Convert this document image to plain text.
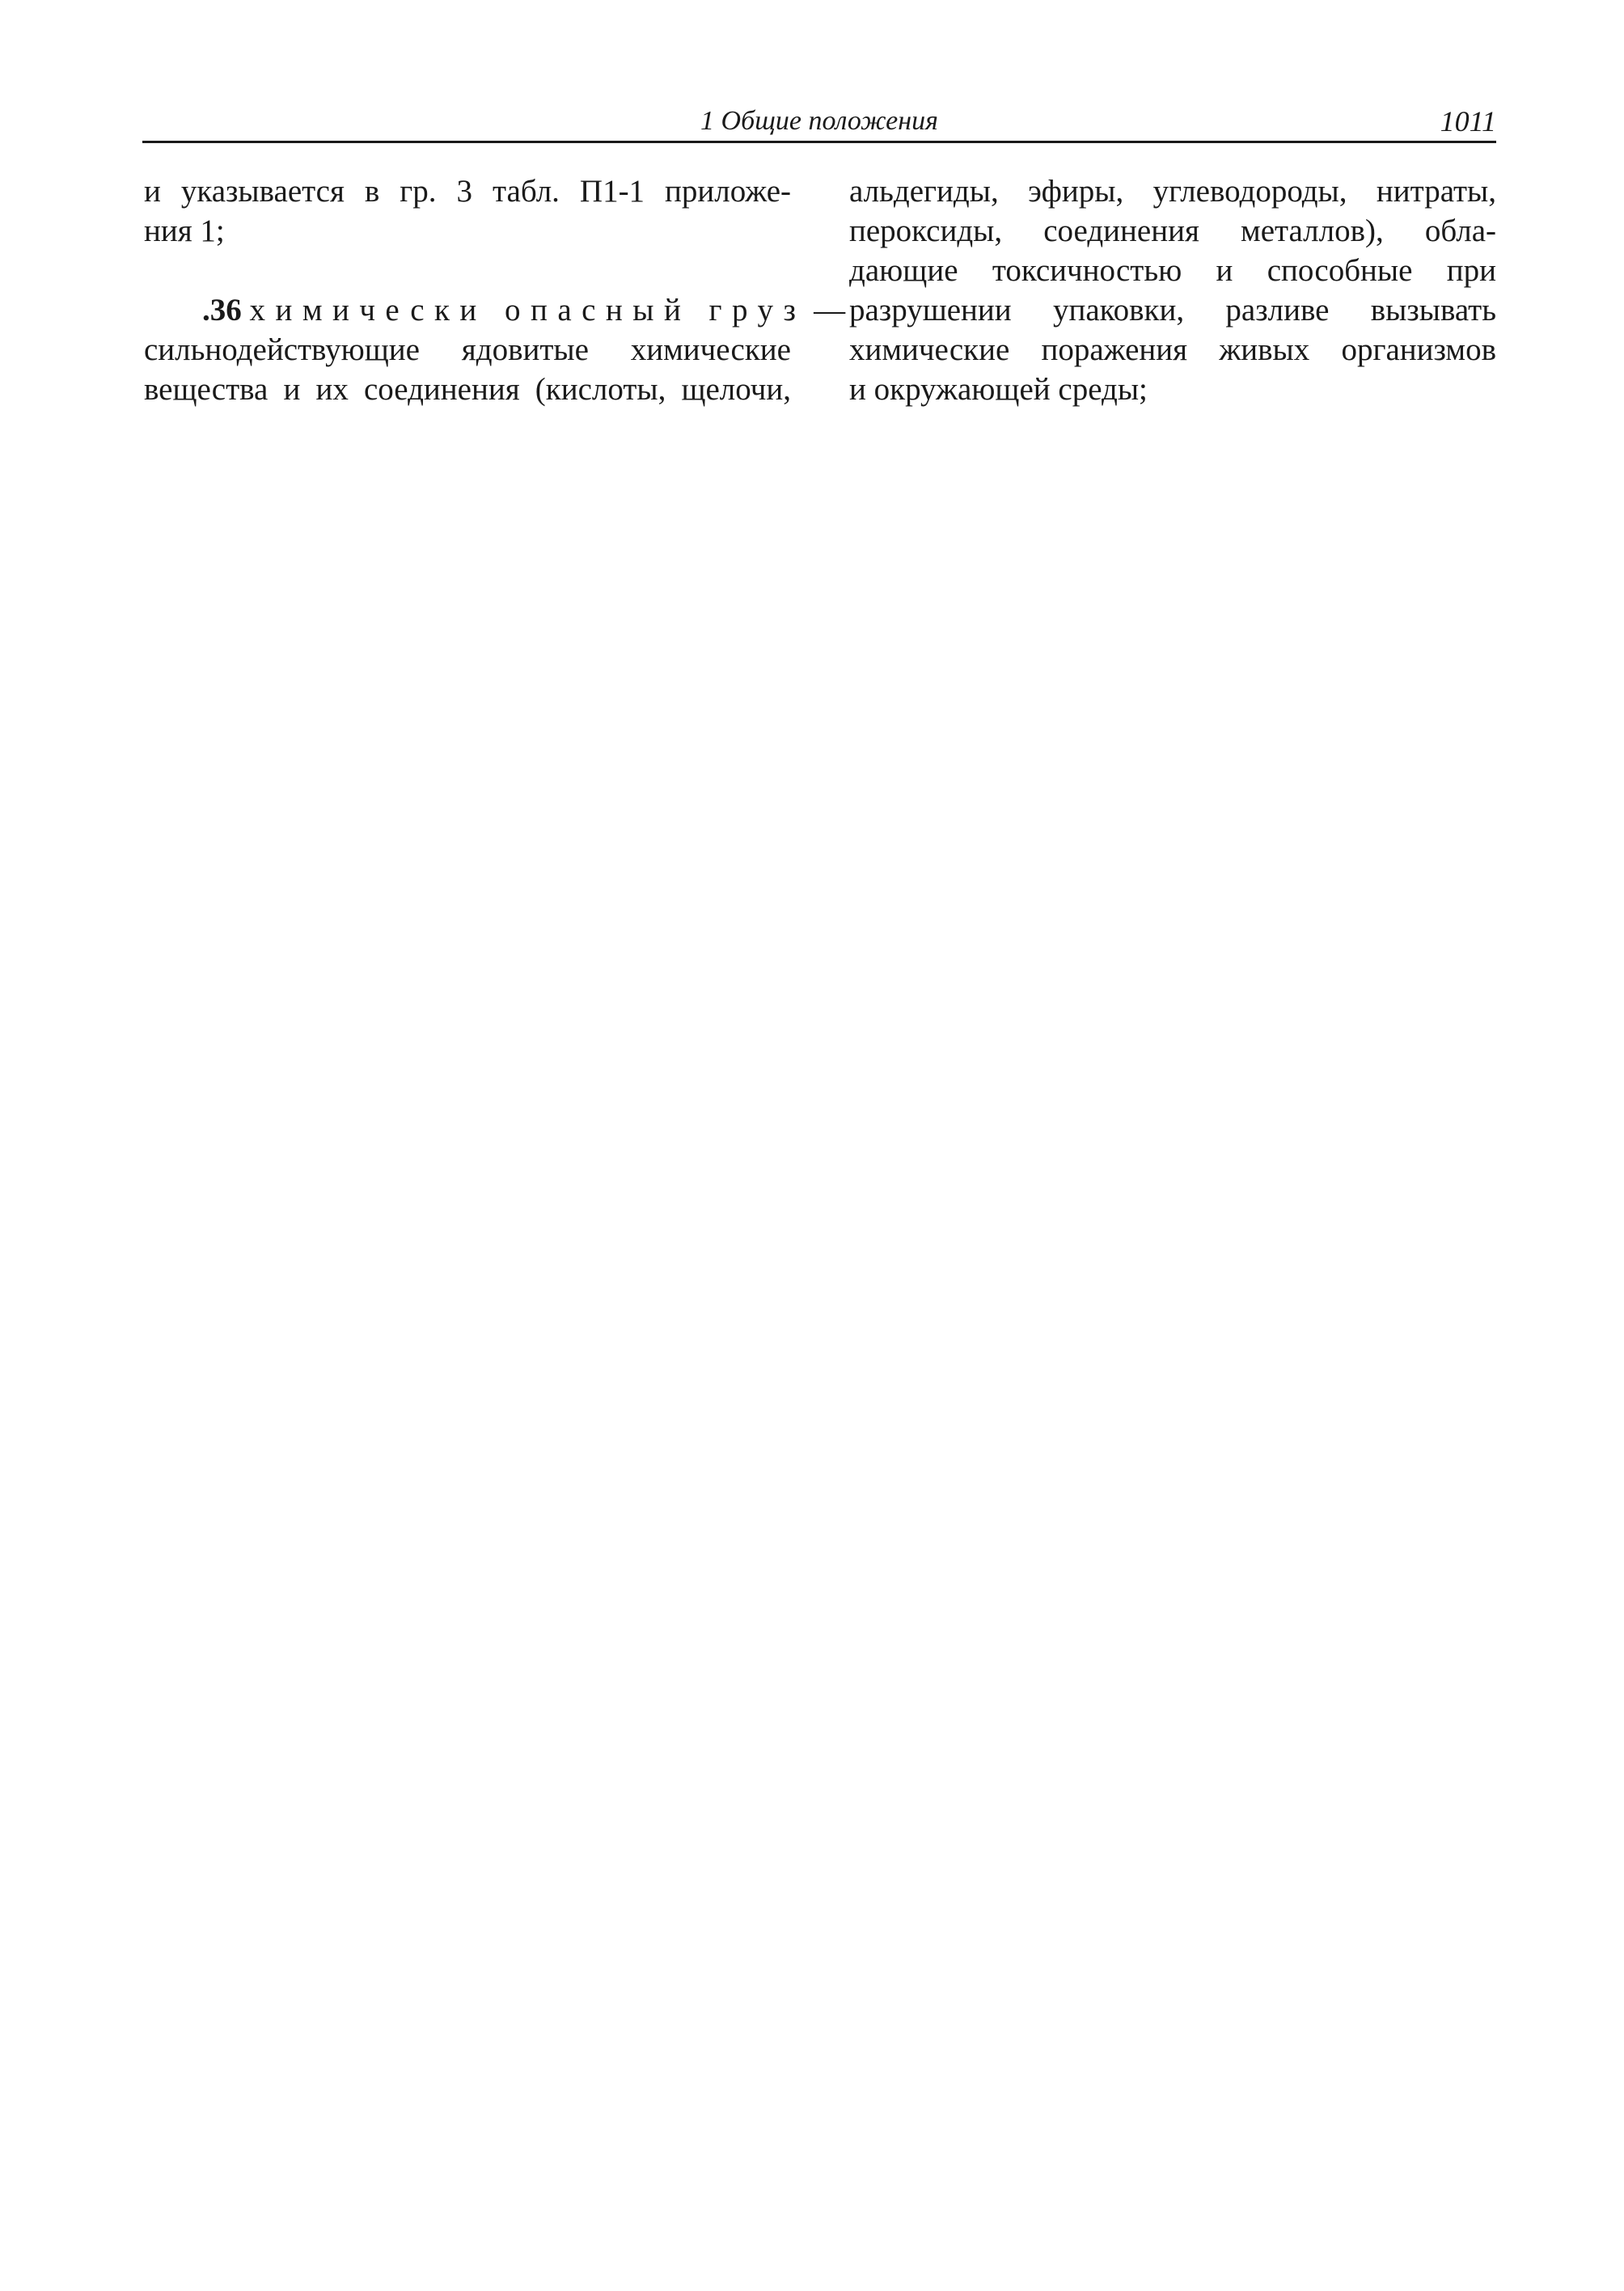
1 Общие положения	1011
и указывается в гр. 3 табл. П1-1 приложе-
ния 1;
.36 химически опасный груз —
сильнодействующие ядовитые химические
вещества и их соединения (кислоты, щелочи,
альдегиды, эфиры, углеводороды, нитраты,
пероксиды, соединения металлов), обла-
дающие токсичностью и способные при
разрушении упаковки, разливе вызывать
химические поражения живых организмов
и окружающей среды;
